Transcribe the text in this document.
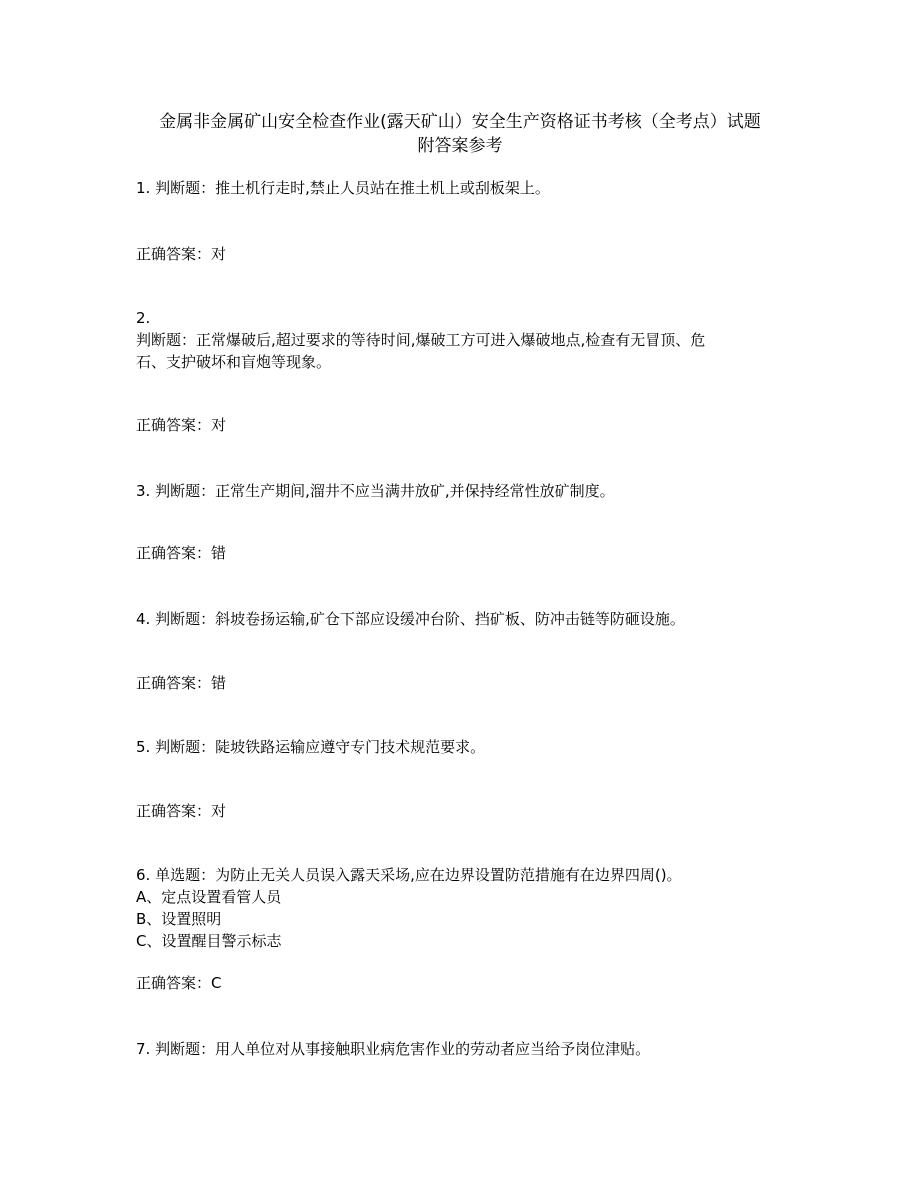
金属非金属矿山安全检查作业(露天矿山）安全生产资格证书考核（全考点）试题
附答案参考

1. 判断题：推土机行走时,禁止人员站在推土机上或刮板架上。

正确答案：对

2.

判断题：正常爆破后,超过要求的等待时间,爆破工方可进入爆破地点,检查有无冒顶、危

石、支护破坏和盲炮等现象。

正确答案：对

3. 判断题：正常生产期间,溜井不应当满井放矿,并保持经常性放矿制度。

正确答案：错

4. 判断题：斜坡卷扬运输,矿仓下部应设缓冲台阶、挡矿板、防冲击链等防砸设施。

正确答案：错

5. 判断题：陡坡铁路运输应遵守专门技术规范要求。

正确答案：对

6. 单选题：为防止无关人员误入露天采场,应在边界设置防范措施有在边界四周()。

A、定点设置看管人员

B、设置照明

C、设置醒目警示标志

正确答案：C

7. 判断题：用人单位对从事接触职业病危害作业的劳动者应当给予岗位津贴。
